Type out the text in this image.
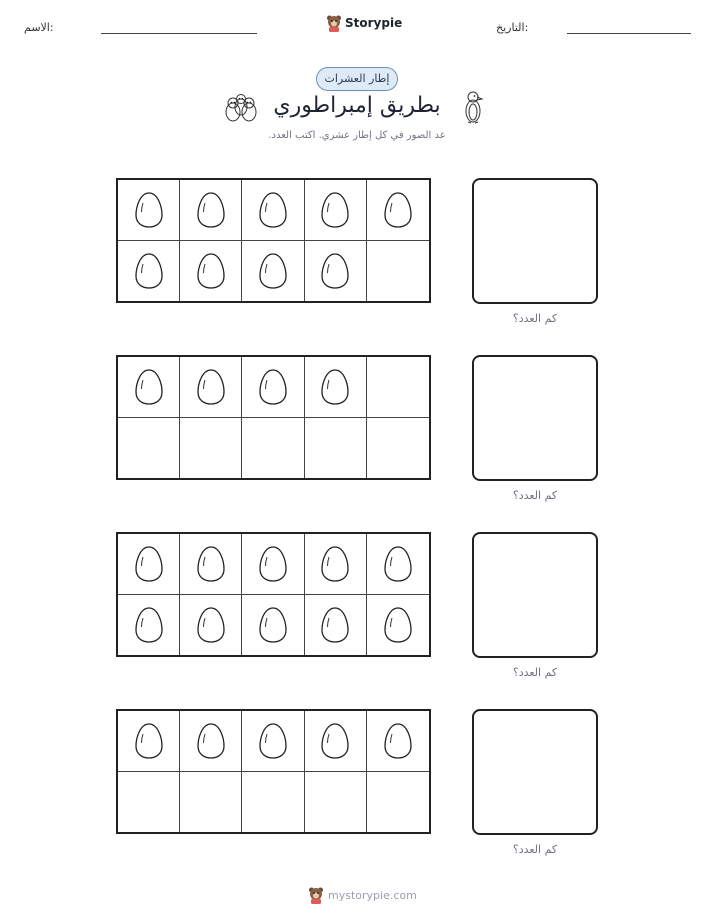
الاسم:	Storypie	التاريخ:
إطار العشرات
بطريق إمبراطوري
عد الصور في كل إطار عشري. اكتب العدد.
كم العدد؟
كم العدد؟
كم العدد؟
كم العدد؟
mystorypie.com
